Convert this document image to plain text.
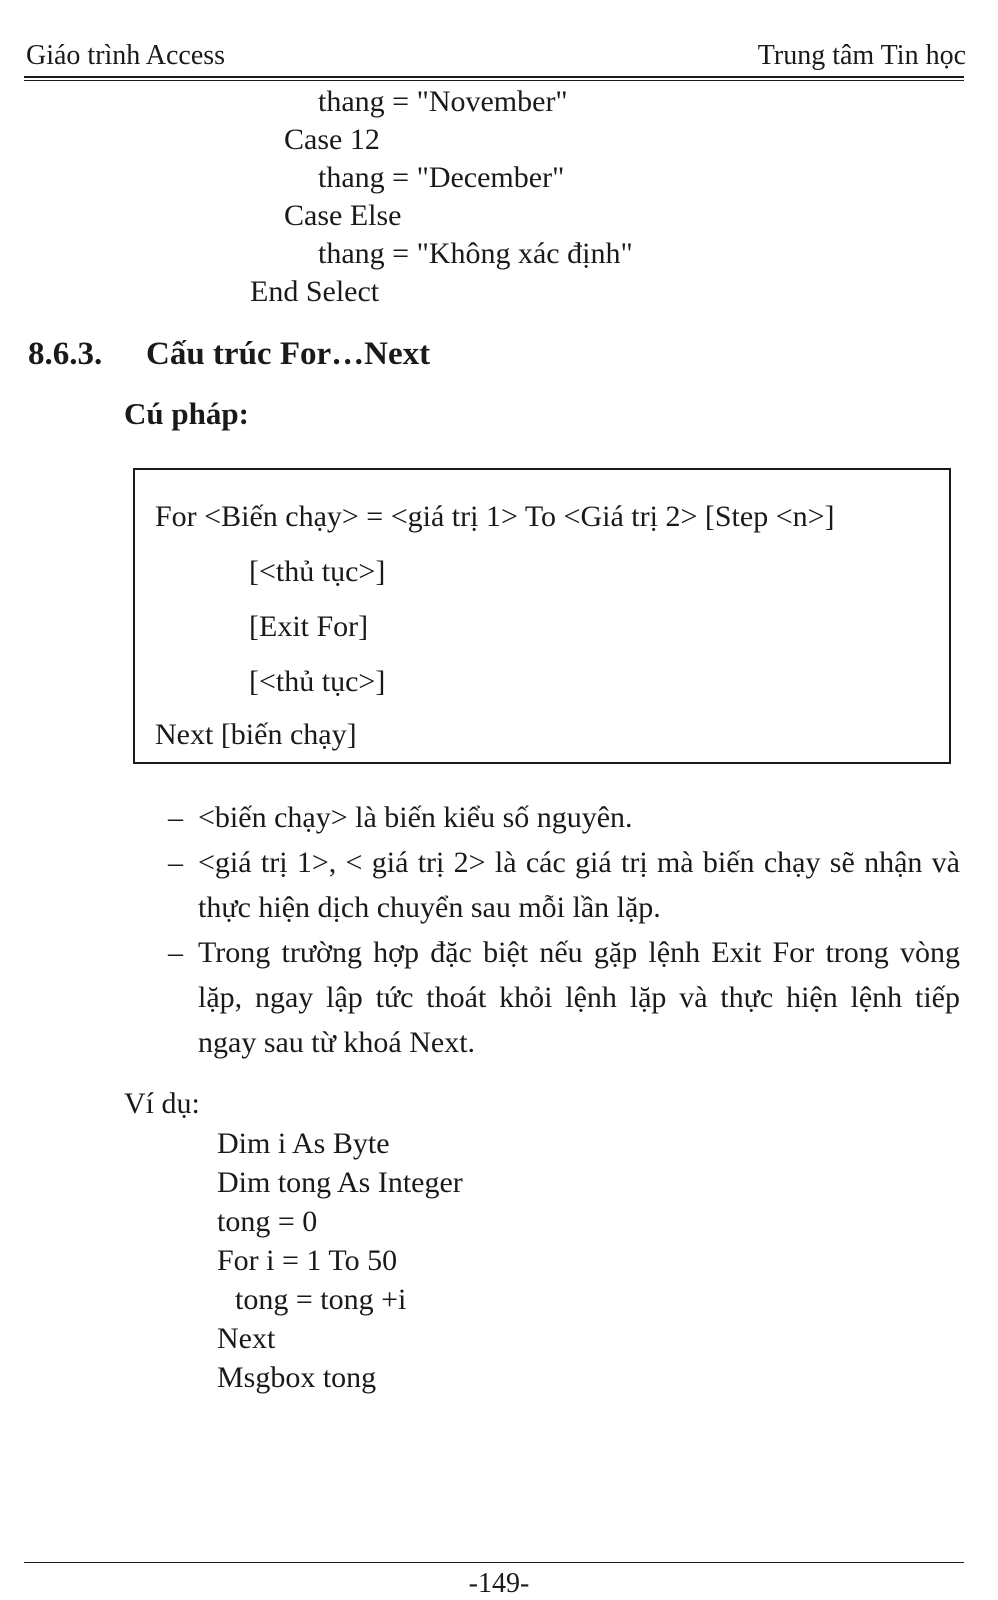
Giáo trình Access	Trung tâm Tin học
thang = "November"
Case 12
thang = "December"
Case Else
thang = "Không xác định"
End Select
8.6.3. Cấu trúc For…Next
Cú pháp:
For <Biến chạy> = <giá trị 1> To <Giá trị 2> [Step <n>]
[<thủ tục>]
[Exit For]
[<thủ tục>]
Next [biến chạy]
– <biến chạy> là biến kiểu số nguyên.
– <giá trị 1>, < giá trị 2> là các giá trị mà biến chạy sẽ nhận và thực hiện dịch chuyển sau mỗi lần lặp.
– Trong trường hợp đặc biệt nếu gặp lệnh Exit For trong vòng lặp, ngay lập tức thoát khỏi lệnh lặp và thực hiện lệnh tiếp ngay sau từ khoá Next.
Ví dụ:
Dim i As Byte
Dim tong As Integer
tong = 0
For i = 1 To 50
tong = tong +i
Next
Msgbox tong
-149-
